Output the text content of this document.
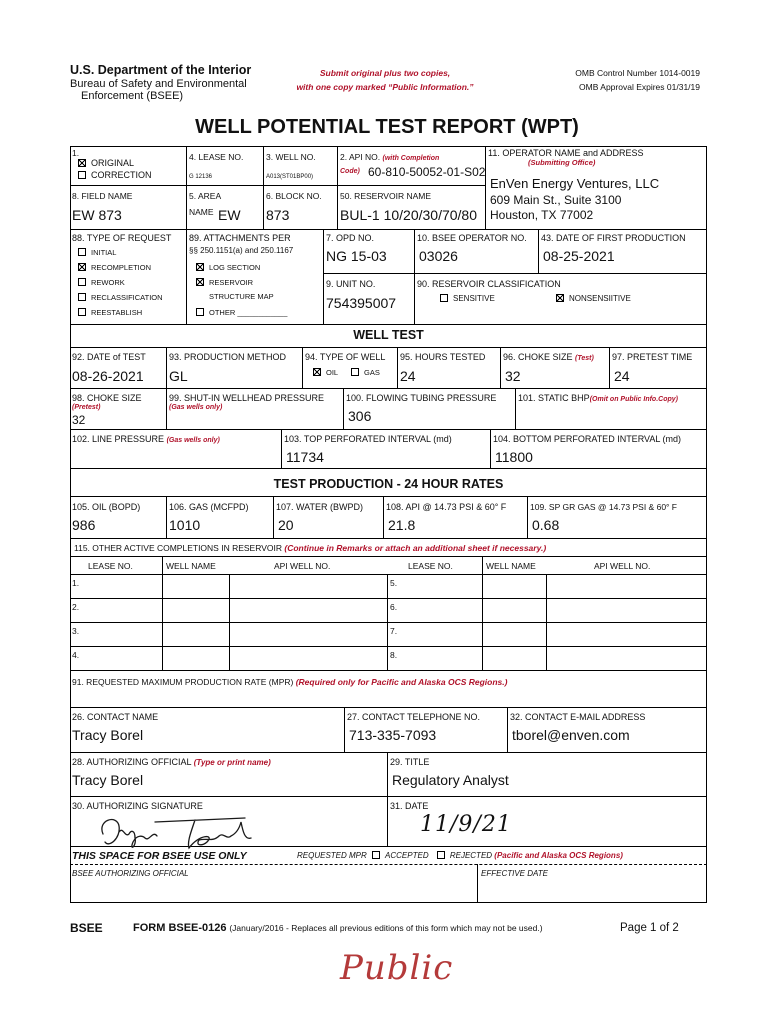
U.S. Department of the Interior
Bureau of Safety and Environmental
Enforcement (BSEE)
Submit original plus two copies,
with one copy marked “Public Information.”
OMB Control Number 1014-0019
OMB Approval Expires 01/31/19
WELL POTENTIAL TEST REPORT (WPT)
1.
ORIGINAL
CORRECTION
4. LEASE NO.
G 12136
3. WELL NO.
A013(ST01BP00)
2. API NO. (with Completion
Code) 60-810-50052-01-S02
11. OPERATOR NAME and ADDRESS
(Submitting Office)
EnVen Energy Ventures, LLC
609 Main St., Suite 3100
Houston, TX 77002
8. FIELD NAME
EW 873
5. AREA
NAME EW
6. BLOCK NO.
873
50. RESERVOIR NAME
BUL-1 10/20/30/70/80
88. TYPE OF REQUEST
INITIAL
RECOMPLETION
REWORK
RECLASSIFICATION
REESTABLISH
89. ATTACHMENTS PER
§§ 250.1151(a) and 250.1167
LOG SECTION
RESERVOIR
STRUCTURE MAP
OTHER ____________
7. OPD NO.
NG 15-03
9. UNIT NO.
754395007
10. BSEE OPERATOR NO.
03026
43. DATE OF FIRST PRODUCTION
08-25-2021
90. RESERVOIR CLASSIFICATION
SENSITIVE	NONSENSIITIVE
WELL TEST
92. DATE of TEST
08-26-2021
93. PRODUCTION METHOD
GL
94. TYPE OF WELL
OIL	GAS
95. HOURS TESTED
24
96. CHOKE SIZE (Test)
32
97. PRETEST TIME
24
98. CHOKE SIZE
(Pretest)
32
99. SHUT-IN WELLHEAD PRESSURE
(Gas wells only)
100. FLOWING TUBING PRESSURE
306
101. STATIC BHP(Omit on Public Info.Copy)
102. LINE PRESSURE (Gas wells only)	103. TOP PERFORATED INTERVAL (md)
11734
104. BOTTOM PERFORATED INTERVAL (md)
11800
TEST PRODUCTION - 24 HOUR RATES
105. OIL (BOPD)
986
106. GAS (MCFPD)
1010
107. WATER (BWPD)
20
108. API @ 14.73 PSI & 60° F
21.8
109. SP GR GAS @ 14.73 PSI & 60° F
0.68
115. OTHER ACTIVE COMPLETIONS IN RESERVOIR (Continue in Remarks or attach an additional sheet if necessary.)
LEASE NO.	WELL NAME	API WELL NO.	LEASE NO.	WELL NAME	API WELL NO.
1.
2.
3.
4.
5.
6.
7.
8.
91. REQUESTED MAXIMUM PRODUCTION RATE (MPR) (Required only for Pacific and Alaska OCS Regions.)
26. CONTACT NAME
Tracy Borel
27. CONTACT TELEPHONE NO.
713-335-7093
32. CONTACT E-MAIL ADDRESS
tborel@enven.com
28. AUTHORIZING OFFICIAL (Type or print name)
Tracy Borel
29. TITLE
Regulatory Analyst
30. AUTHORIZING SIGNATURE	31. DATE
11/9/21
THIS SPACE FOR BSEE USE ONLY	REQUESTED MPR ACCEPTED	REJECTED (Pacific and Alaska OCS Regions)
BSEE AUTHORIZING OFFICIAL	EFFECTIVE DATE
BSEE	FORM BSEE-0126 (January/2016 - Replaces all previous editions of this form which may not be used.)	Page 1 of 2
Public
